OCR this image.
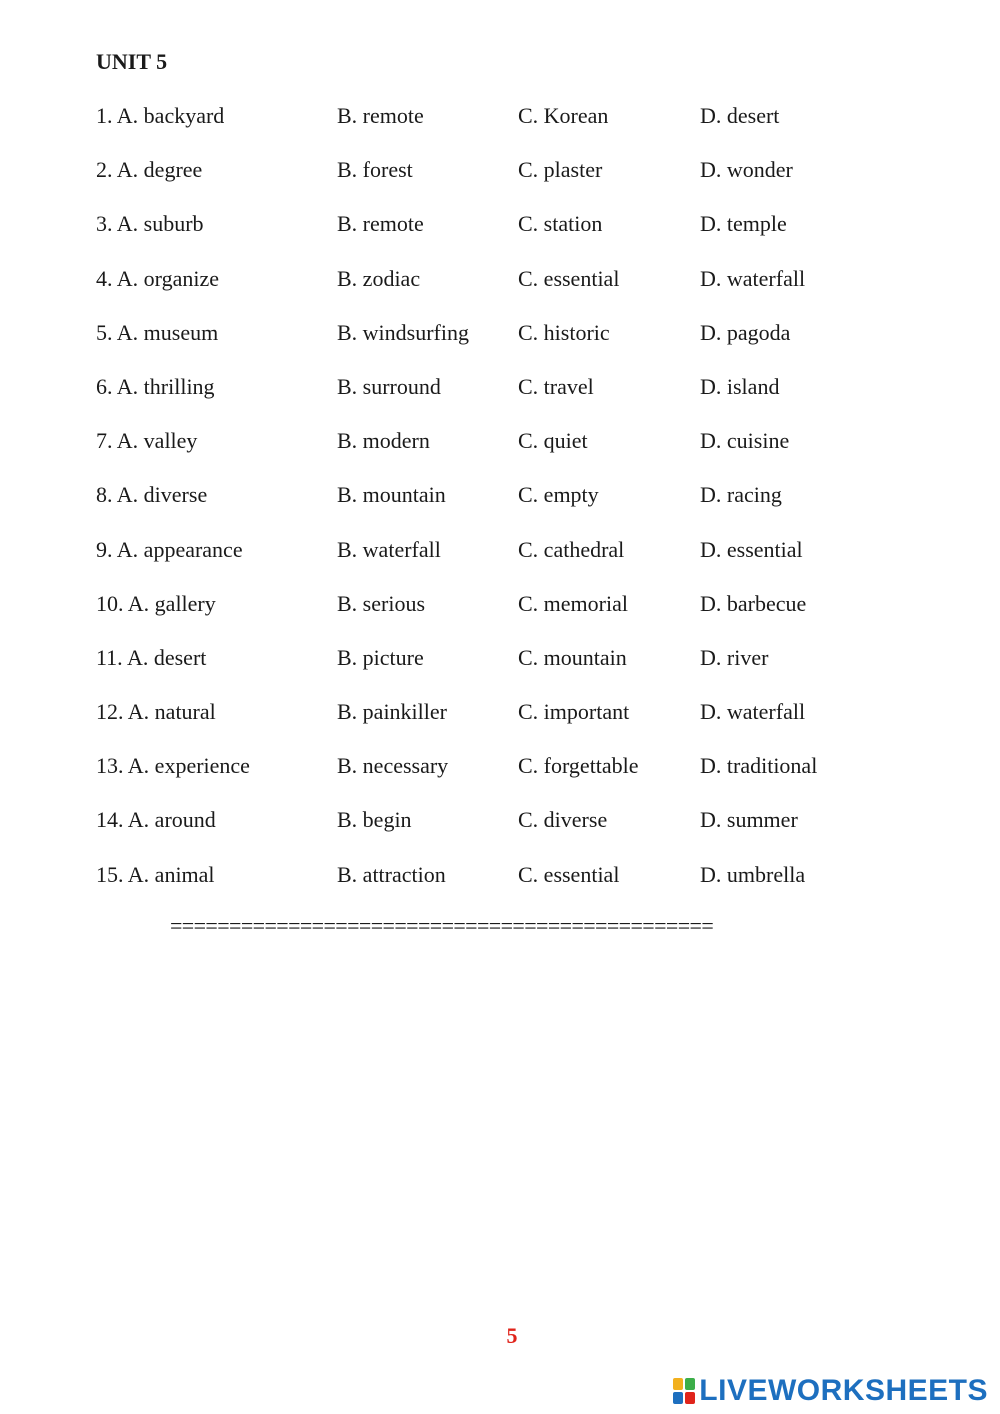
UNIT 5
1. A. backyard	B. remote	C. Korean	D. desert
2. A. degree	B. forest	C. plaster	D. wonder
3. A. suburb	B. remote	C. station	D. temple
4. A. organize	B. zodiac	C. essential	D. waterfall
5. A. museum	B. windsurfing C. historic	D. pagoda
6. A. thrilling	B. surround	C. travel	D. island
7. A. valley	B. modern	C. quiet	D. cuisine
8. A. diverse	B. mountain	C. empty	D. racing
9. A. appearance	B. waterfall	C. cathedral	D. essential
10. A. gallery	B. serious	C. memorial	D. barbecue
11. A. desert	B. picture	C. mountain	D. river
12. A. natural	B. painkiller	C. important	D. waterfall
13. A. experience	B. necessary	C. forgettable	D. traditional
14. A. around	B. begin	C. diverse	D. summer
15. A. animal	B. attraction	C. essential	D. umbrella
==============================================
5
LIVEWORKSHEETS
